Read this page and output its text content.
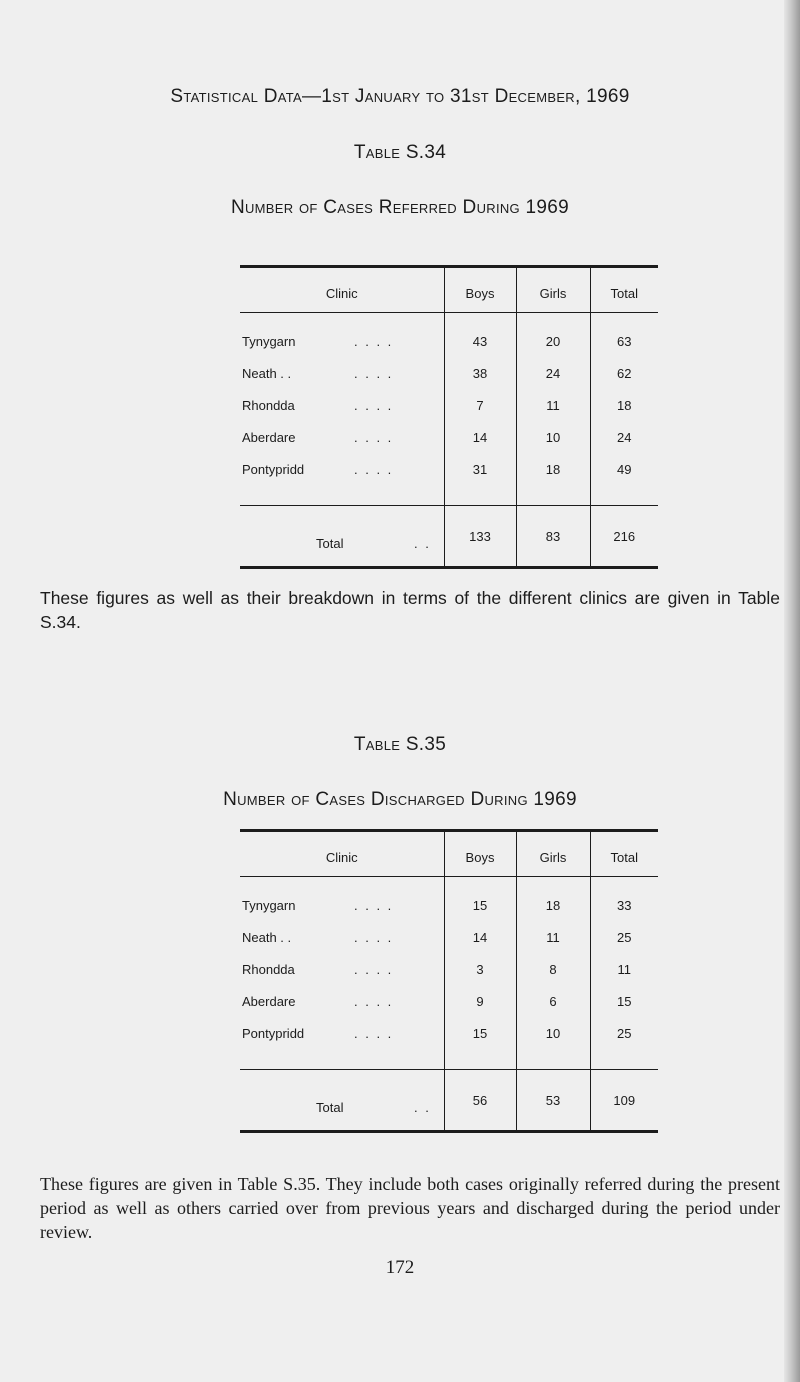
Statistical Data—1st January to 31st December, 1969
Table S.34
Number of Cases Referred During 1969
Clinic	Boys	Girls	Total
Tynygarn . . . .	43	20	63
Neath . . . . . .	38	24	62
Rhondda . . . .	7	11	18
Aberdare . . . .	14	10	24
Pontypridd . . . .	31	18	49

Total . .	133	83	216
These figures as well as their breakdown in terms of the different clinics are given in Table S.34.
Table S.35
Number of Cases Discharged During 1969
Clinic	Boys	Girls	Total
Tynygarn . . . .	15	18	33
Neath . . . . . .	14	11	25
Rhondda . . . .	3	8	11
Aberdare . . . .	9	6	15
Pontypridd . . . .	15	10	25

Total . .	56	53	109
These figures are given in Table S.35. They include both cases originally referred during the present period as well as others carried over from previous years and discharged during the period under review.
172
